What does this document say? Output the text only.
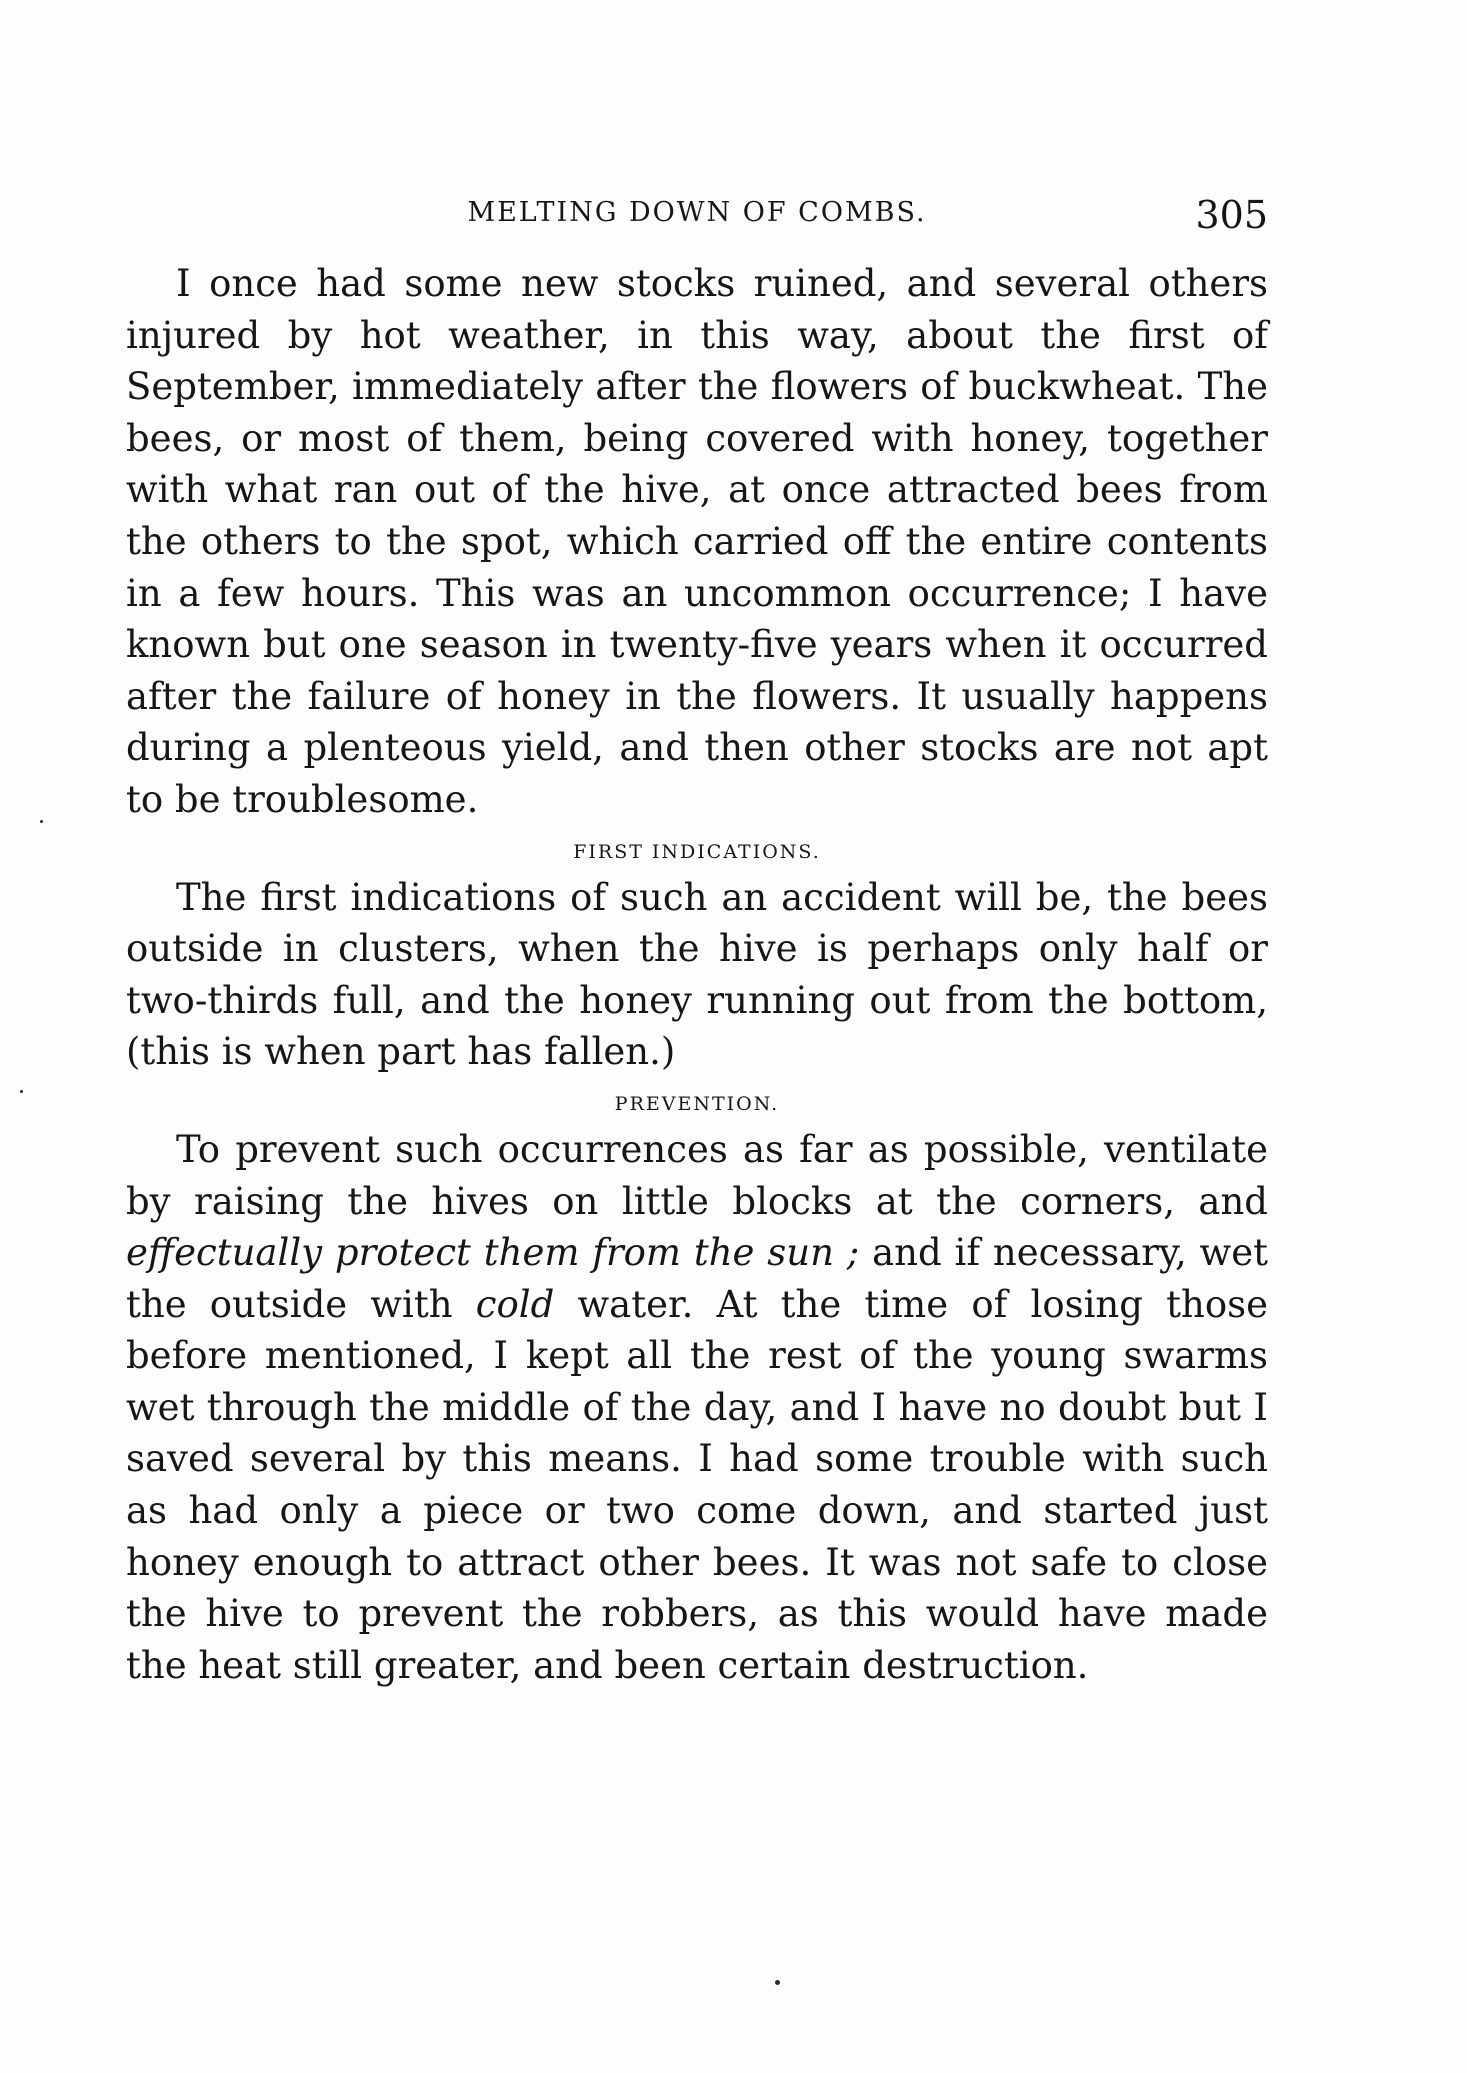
MELTING DOWN OF COMBS.	305

I once had some new stocks ruined, and several others injured by hot weather, in this way, about the first of September, immediately after the flowers of buckwheat. The bees, or most of them, being covered with honey, together with what ran out of the hive, at once attracted bees from the others to the spot, which carried off the entire contents in a few hours. This was an uncommon occurrence; I have known but one season in twenty-five years when it occurred after the failure of honey in the flowers. It usually happens during a plenteous yield, and then other stocks are not apt to be troublesome.

FIRST INDICATIONS.

The first indications of such an accident will be, the bees outside in clusters, when the hive is perhaps only half or two-thirds full, and the honey running out from the bottom, (this is when part has fallen.)

PREVENTION.

To prevent such occurrences as far as possible, ventilate by raising the hives on little blocks at the corners, and effectually protect them from the sun ; and if necessary, wet the outside with cold water. At the time of losing those before mentioned, I kept all the rest of the young swarms wet through the middle of the day, and I have no doubt but I saved several by this means. I had some trouble with such as had only a piece or two come down, and started just honey enough to attract other bees. It was not safe to close the hive to prevent the robbers, as this would have made the heat still greater, and been certain destruction.
